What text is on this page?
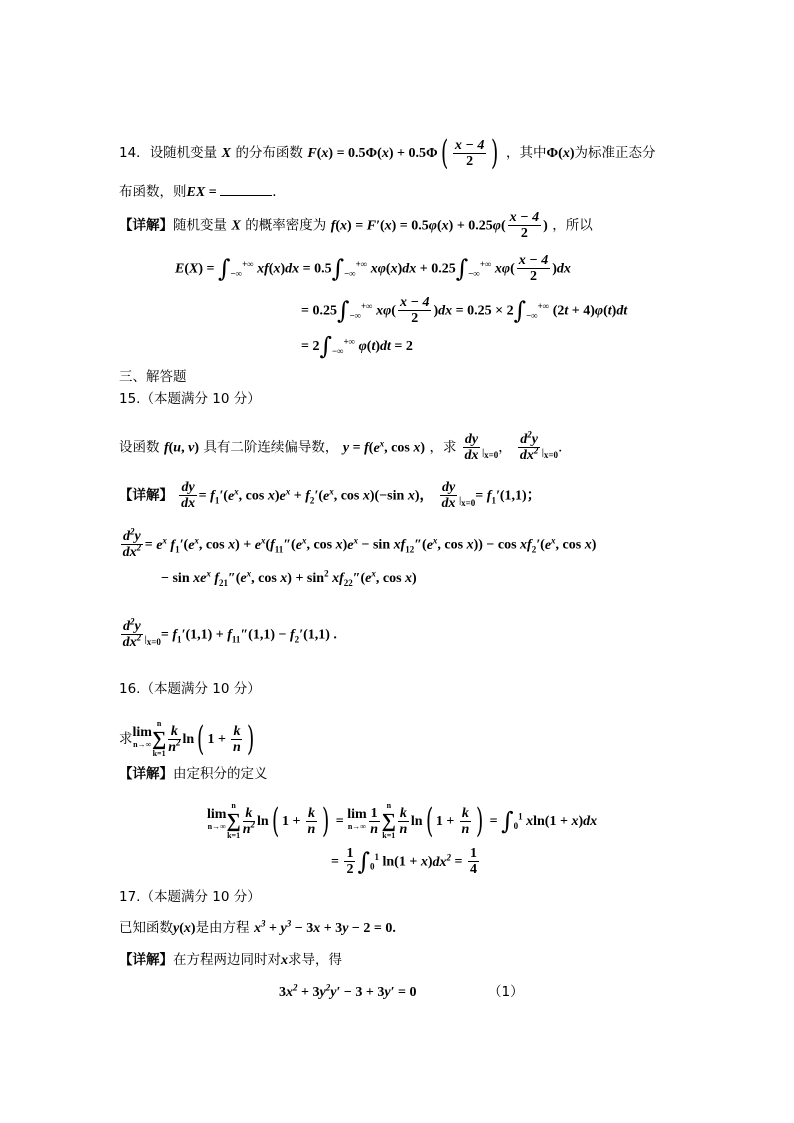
14．设随机变量 X 的分布函数 $F(x) = 0.5\Phi(x) + 0.5\Phi( \frac{x - 4}{2}$ ) ，其中Φ(x)为标准正态分
布函数，则EX =	.
【详解】随机变量 X 的概率密度为 $f(x) = F'(x) = 0.5\varphi(x) + 0.25\varphi( \frac{x - 4}{2}$ ) ，所以
$E(X) = \int_{-\infty}^{+\infty}$ $xf(x)dx = 0.5\int_{-\infty}^{+\infty}$ $x\varphi(x)dx + 0.25\int_{-\infty}^{+\infty}$ $x\varphi( \frac{x - 4}{2} )dx$
= $0.25\int_{-\infty}^{+\infty}$ $x\varphi( \frac{x - 4}{2} )dx = 0.25 \times 2\int_{-\infty}^{+\infty}$ (2t + 4)φ(t)dt
= $2\int_{-\infty}^{+\infty}$ φ(t)dt = 2
三、解答题
15.（本题满分 10 分）
设函数 f(u, v) 具有二阶连续偏导数， $y = f(e^x$, cos x) ，求 $\frac{dy}{dx} _{|_{x=0}}$， $\frac{d^2y}{dx^2} _{|_{x=0}}$.
【详解】 $\frac{dy}{dx} = f_1'(e^x$, $\cos x)e^x + f_2'(e^x$, cos x)(−sin x)， $\frac{dy}{dx} _{|_{x=0}}= f_1'(1,1)$；
$\frac{d^2y}{dx^2} = e^x$ $f_1'(e^x$, $\cos x) + e^x(f_{11}''(e^x$, $\cos x)e^x - \sin xf_{12}''(e^x$, $\cos x)) - \cos xf_2'(e^x$, cos x)
− $\sin xe^x$ $f_{21}''(e^x$, $\cos x) + \sin^2 xf_{22}''(e^x$, cos x)
$\frac{d^2y}{dx^2} _{|_{x=0}}= f_1'(1,1) + f_{11}''(1,1) - f_2'(1,1)$ .
16.（本题满分 10 分）
求lim
n→∞
n
∑
$k=1 \frac{k}{n^2} \ln$( $1 + \frac{k}{n}$ )
【详解】由定积分的定义
lim
n→∞
n
∑
$k=1 \frac{k}{n^2} \ln$( $1 + \frac{k}{n}$ ) = lim
$n\to\infty \frac{1}{n}$ n
∑
$k=1 \frac{k}{n} \ln$( $1 + \frac{k}{n}$ ) = $\int_0^1$ xln(1 + x)dx
= $\frac{1}{2} \int_0^1$ $\ln(1 + x)dx^2 = \frac{1}{4}$
17.（本题满分 10 分）
已知函数y(x)是由方程 $x^3 + y^3 - 3x + 3y - 2 = 0$.
【详解】在方程两边同时对x求导，得
$3x^2 + 3y^2y' - 3 + 3y' = 0$	（1）
